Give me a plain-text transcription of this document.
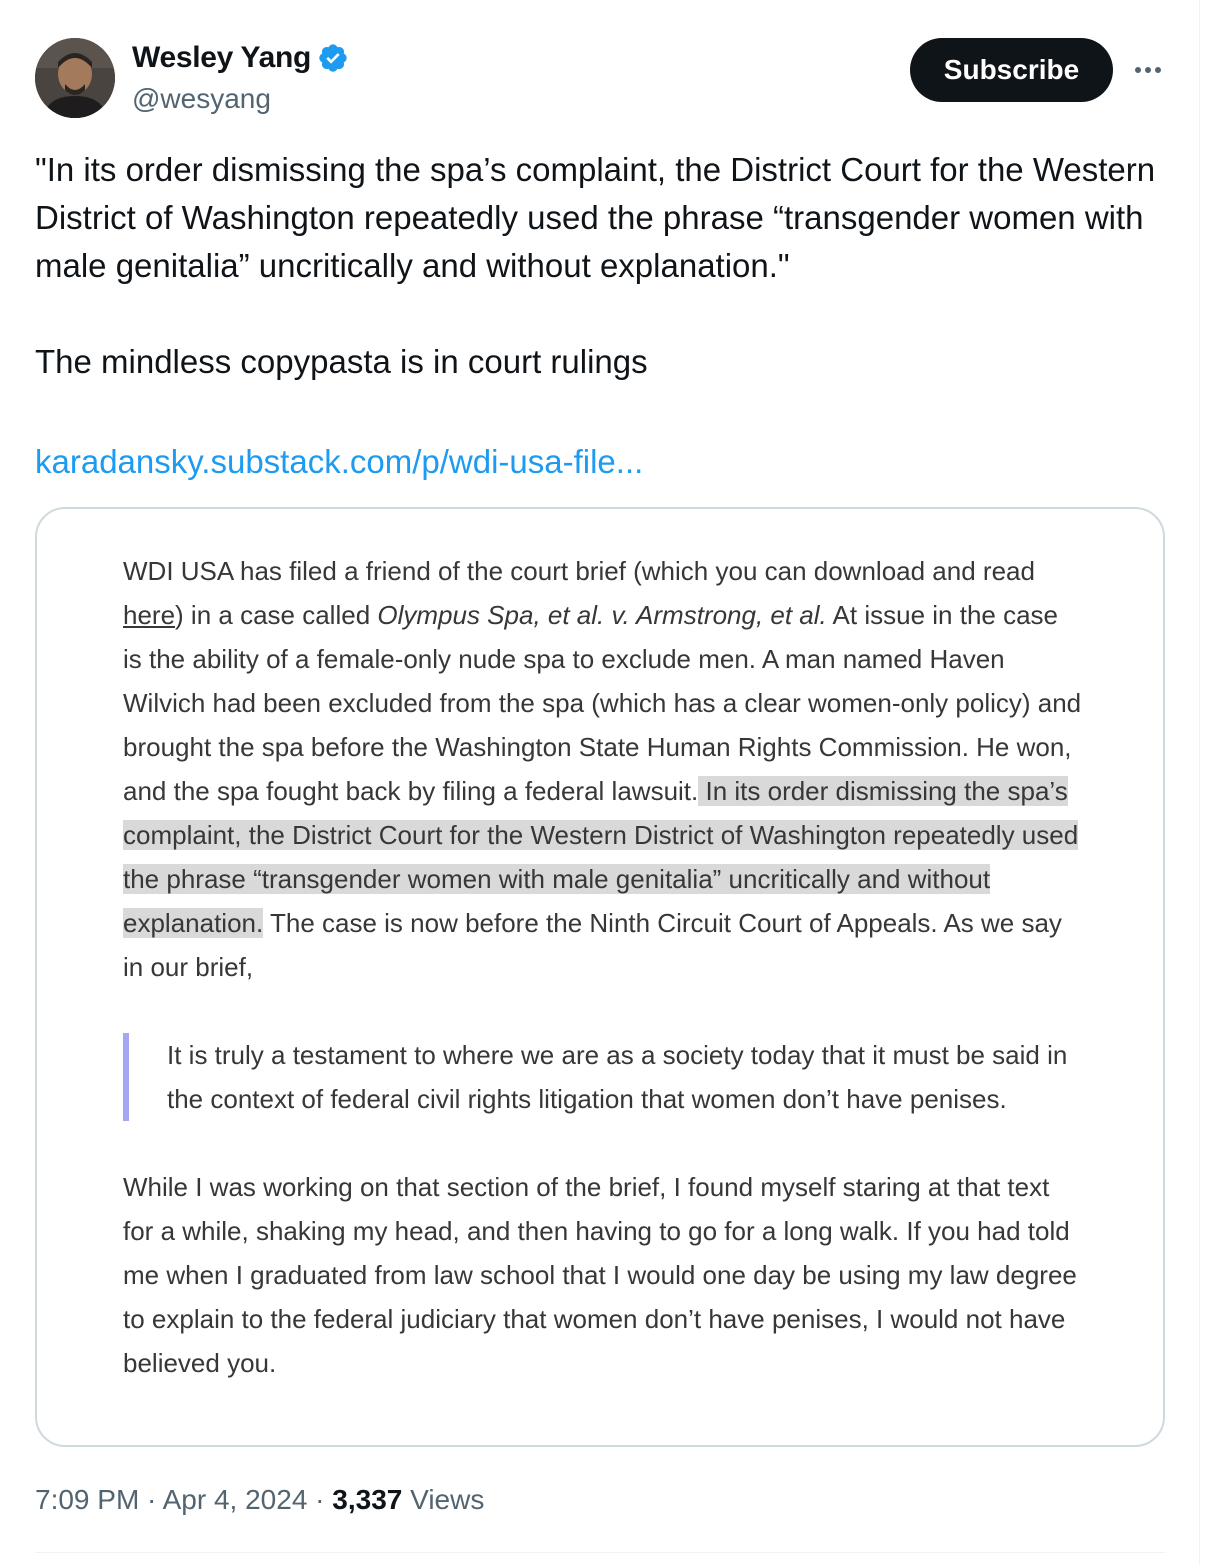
Wesley Yang
@wesyang
Subscribe

"In its order dismissing the spa’s complaint, the District Court for the Western District of Washington repeatedly used the phrase “transgender women with male genitalia” uncritically and without explanation."

The mindless copypasta is in court rulings

karadansky.substack.com/p/wdi-usa-file...

WDI USA has filed a friend of the court brief (which you can download and read here) in a case called Olympus Spa, et al. v. Armstrong, et al. At issue in the case is the ability of a female-only nude spa to exclude men. A man named Haven Wilvich had been excluded from the spa (which has a clear women-only policy) and brought the spa before the Washington State Human Rights Commission. He won, and the spa fought back by filing a federal lawsuit. In its order dismissing the spa’s complaint, the District Court for the Western District of Washington repeatedly used the phrase “transgender women with male genitalia” uncritically and without explanation. The case is now before the Ninth Circuit Court of Appeals. As we say in our brief,

It is truly a testament to where we are as a society today that it must be said in the context of federal civil rights litigation that women don’t have penises.

While I was working on that section of the brief, I found myself staring at that text for a while, shaking my head, and then having to go for a long walk. If you had told me when I graduated from law school that I would one day be using my law degree to explain to the federal judiciary that women don’t have penises, I would not have believed you.

7:09 PM · Apr 4, 2024 · 3,337 Views
